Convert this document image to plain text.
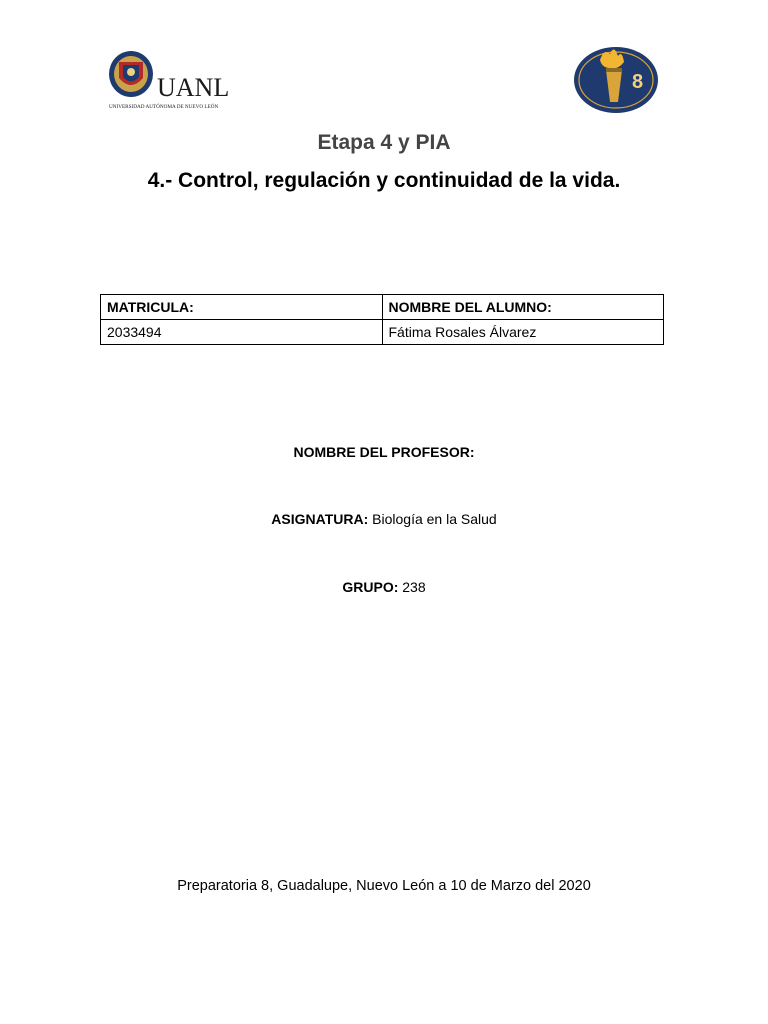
UANL
UNIVERSIDAD AUTÓNOMA DE NUEVO LEÓN
8
Etapa 4 y PIA
4.- Control, regulación y continuidad de la vida.
MATRICULA:	NOMBRE DEL ALUMNO:
2033494	Fátima Rosales Álvarez
NOMBRE DEL PROFESOR:
ASIGNATURA: Biología en la Salud
GRUPO: 238
Preparatoria 8, Guadalupe, Nuevo León a 10 de Marzo del 2020
